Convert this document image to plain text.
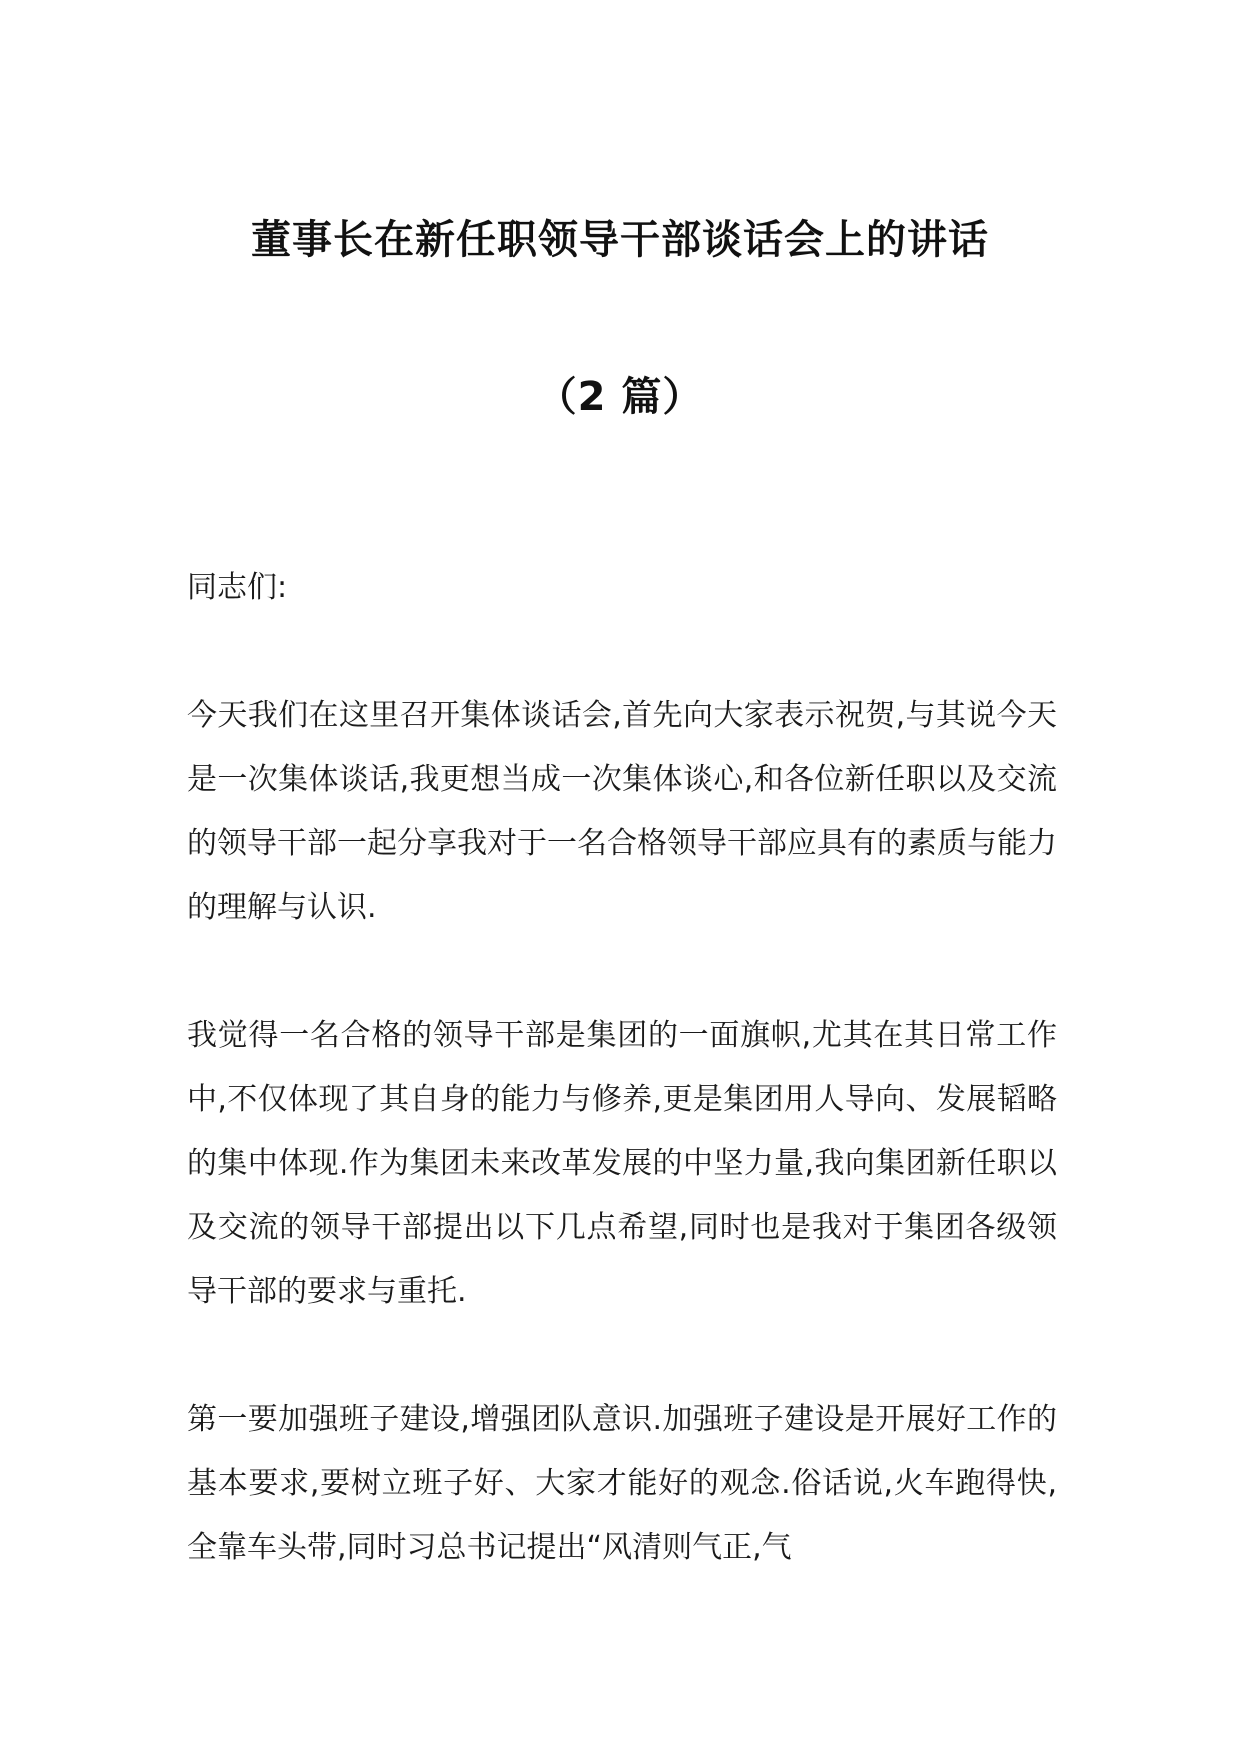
董事长在新任职领导干部谈话会上的讲话
（2 篇）

同志们:

今天我们在这里召开集体谈话会,首先向大家表示祝贺,与其说今天是一次集体谈话,我更想当成一次集体谈心,和各位新任职以及交流的领导干部一起分享我对于一名合格领导干部应具有的素质与能力的理解与认识.

我觉得一名合格的领导干部是集团的一面旗帜,尤其在其日常工作中,不仅体现了其自身的能力与修养,更是集团用人导向、发展韬略的集中体现.作为集团未来改革发展的中坚力量,我向集团新任职以及交流的领导干部提出以下几点希望,同时也是我对于集团各级领导干部的要求与重托.

第一要加强班子建设,增强团队意识.加强班子建设是开展好工作的基本要求,要树立班子好、大家才能好的观念.俗话说,火车跑得快,全靠车头带,同时习总书记提出“风清则气正,气
